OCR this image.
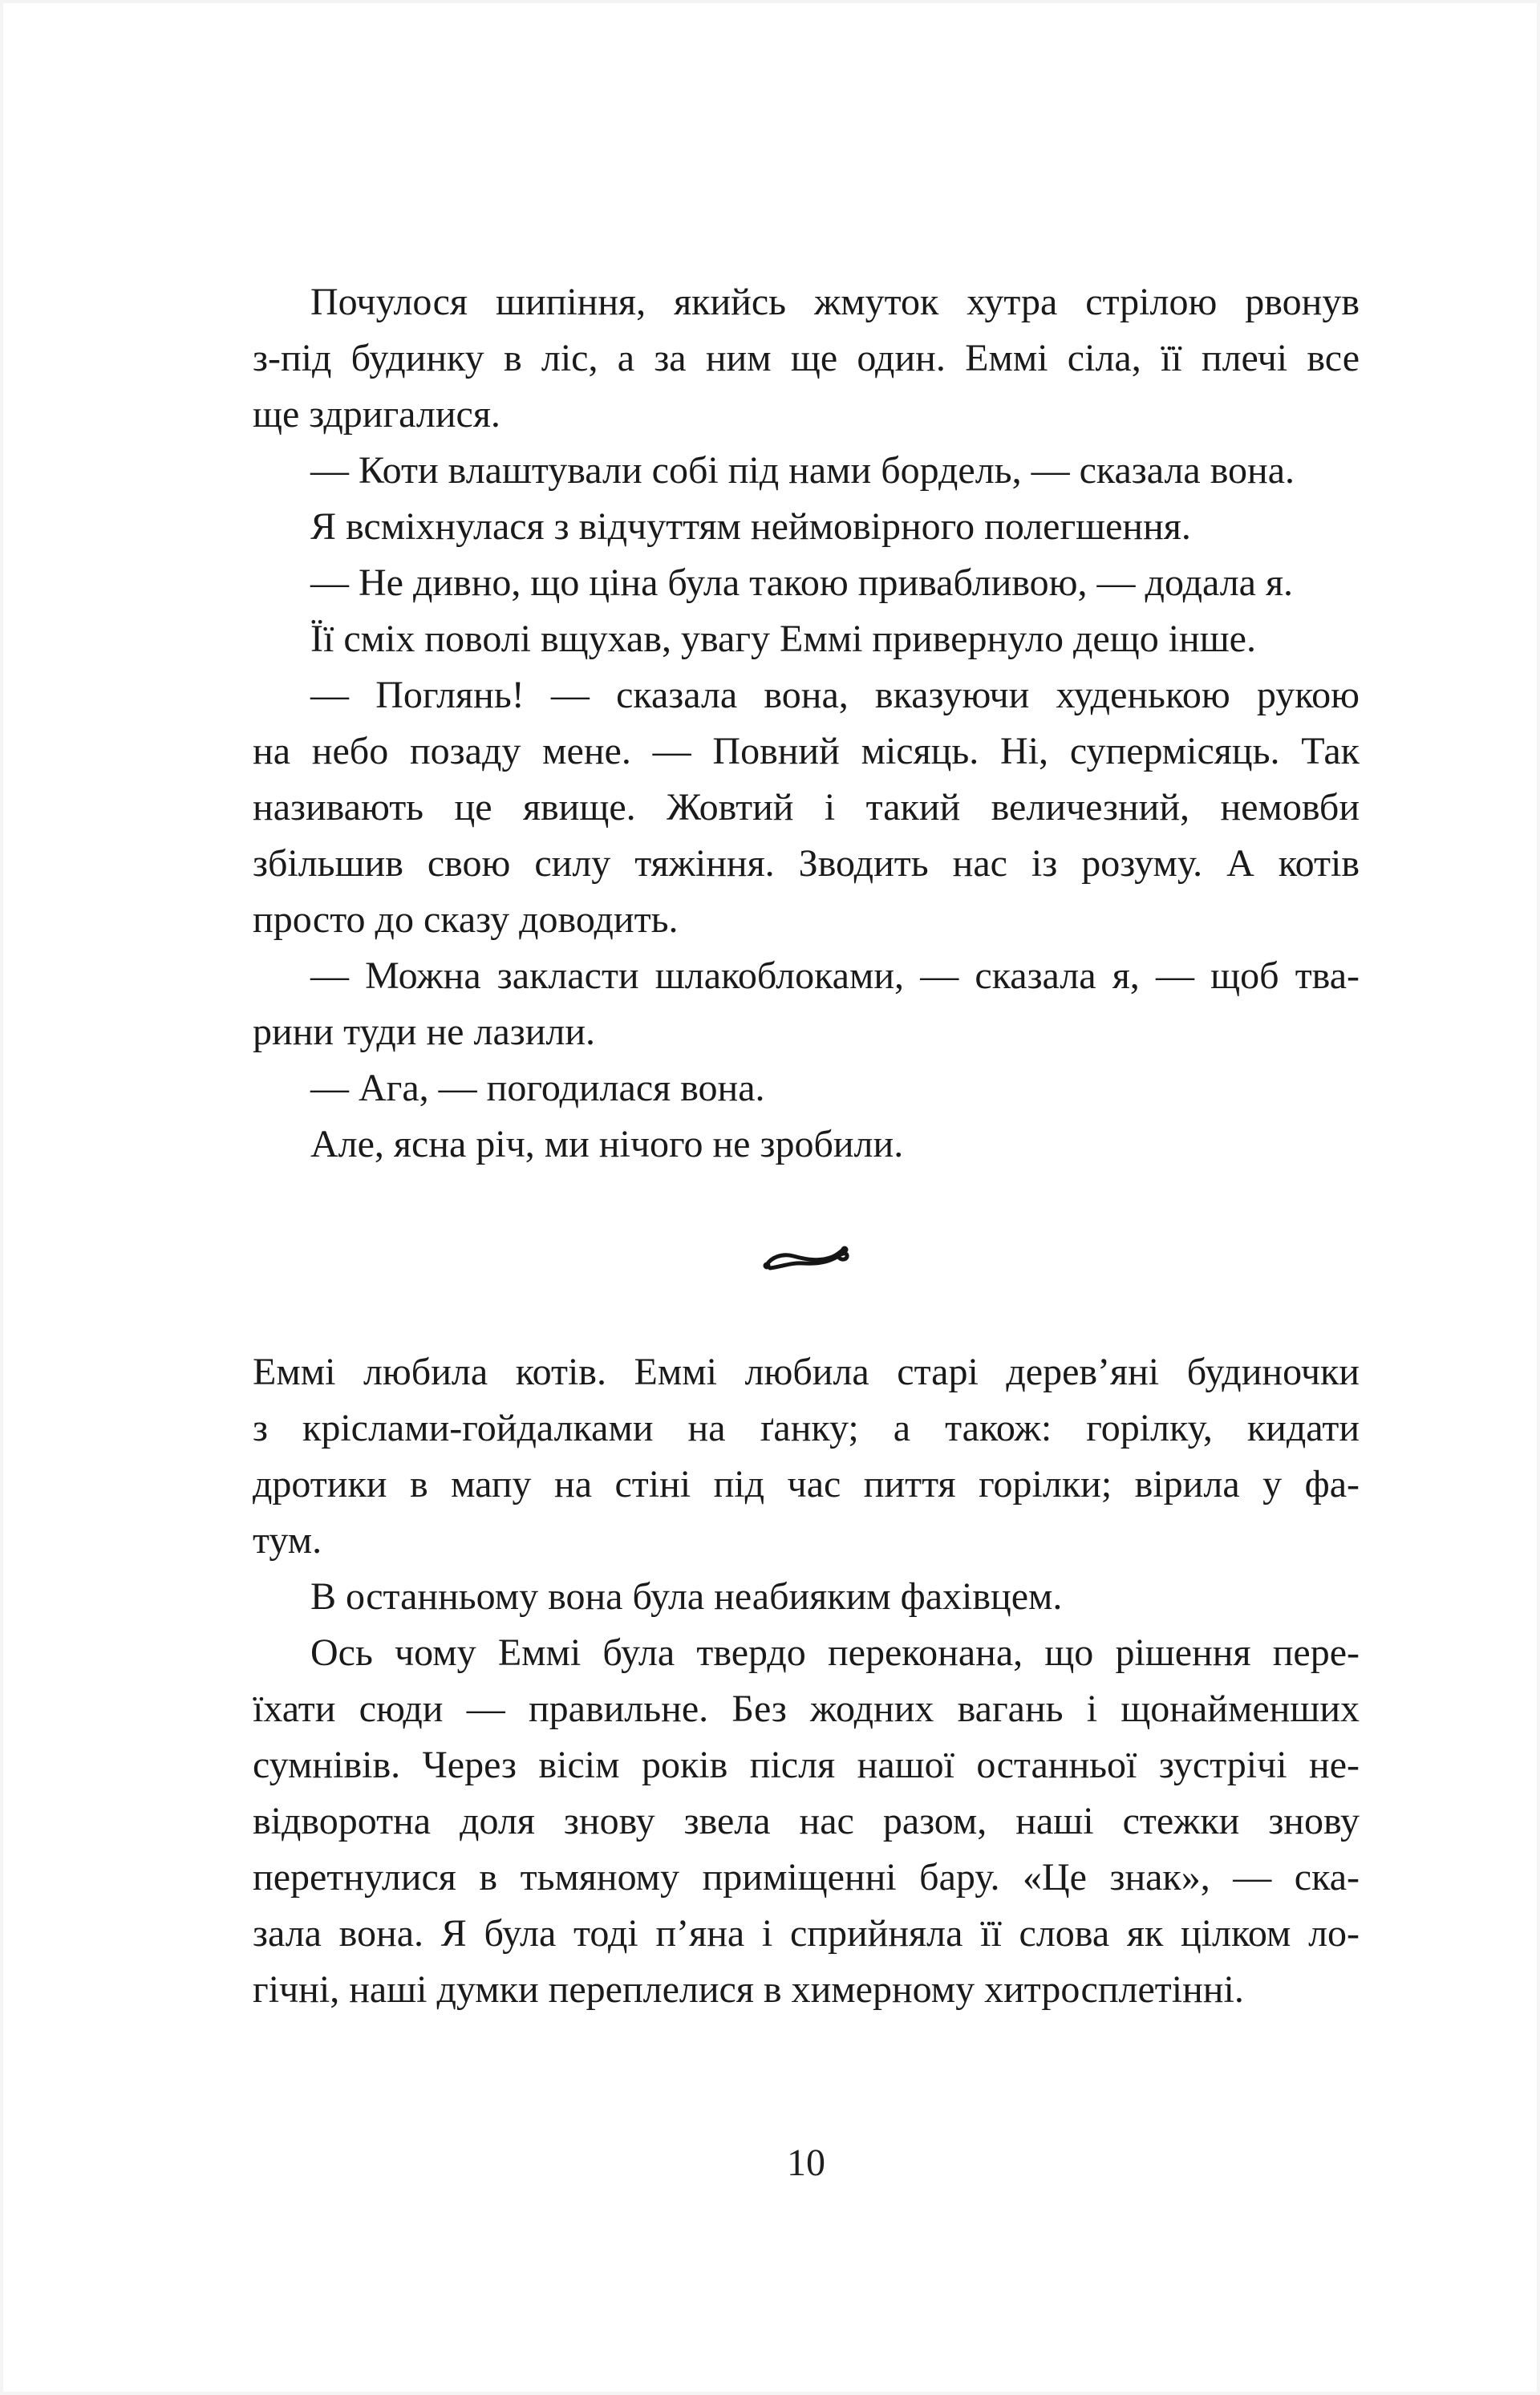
Почулося шипіння, якийсь жмуток хутра стрілою рвонув
з-під будинку в ліс, а за ним ще один. Еммі сіла, її плечі все
ще здригалися.

— Коти влаштували собі під нами бордель, — сказала вона.

Я всміхнулася з відчуттям неймовірного полегшення.

— Не дивно, що ціна була такою привабливою, — додала я.

Її сміх поволі вщухав, увагу Еммі привернуло дещо інше.

— Поглянь! — сказала вона, вказуючи худенькою рукою
на небо позаду мене. — Повний місяць. Ні, супермісяць. Так
називають це явище. Жовтий і такий величезний, немовби
збільшив свою силу тяжіння. Зводить нас із розуму. А котів
просто до сказу доводить.

— Можна закласти шлакоблоками, — сказала я, — щоб тва-
рини туди не лазили.

— Ага, — погодилася вона.

Але, ясна річ, ми нічого не зробили.

Еммі любила котів. Еммі любила старі дерев’яні будиночки
з кріслами-гойдалками на ґанку; а також: горілку, кидати
дротики в мапу на стіні під час пиття горілки; вірила у фа-
тум.

В останньому вона була неабияким фахівцем.

Ось чому Еммі була твердо переконана, що рішення пере-
їхати сюди — правильне. Без жодних вагань і щонайменших
сумнівів. Через вісім років після нашої останньої зустрічі не-
відворотна доля знову звела нас разом, наші стежки знову
перетнулися в тьмяному приміщенні бару. «Це знак», — ска-
зала вона. Я була тоді п’яна і сприйняла її слова як цілком ло-
гічні, наші думки переплелися в химерному хитросплетінні.

10
